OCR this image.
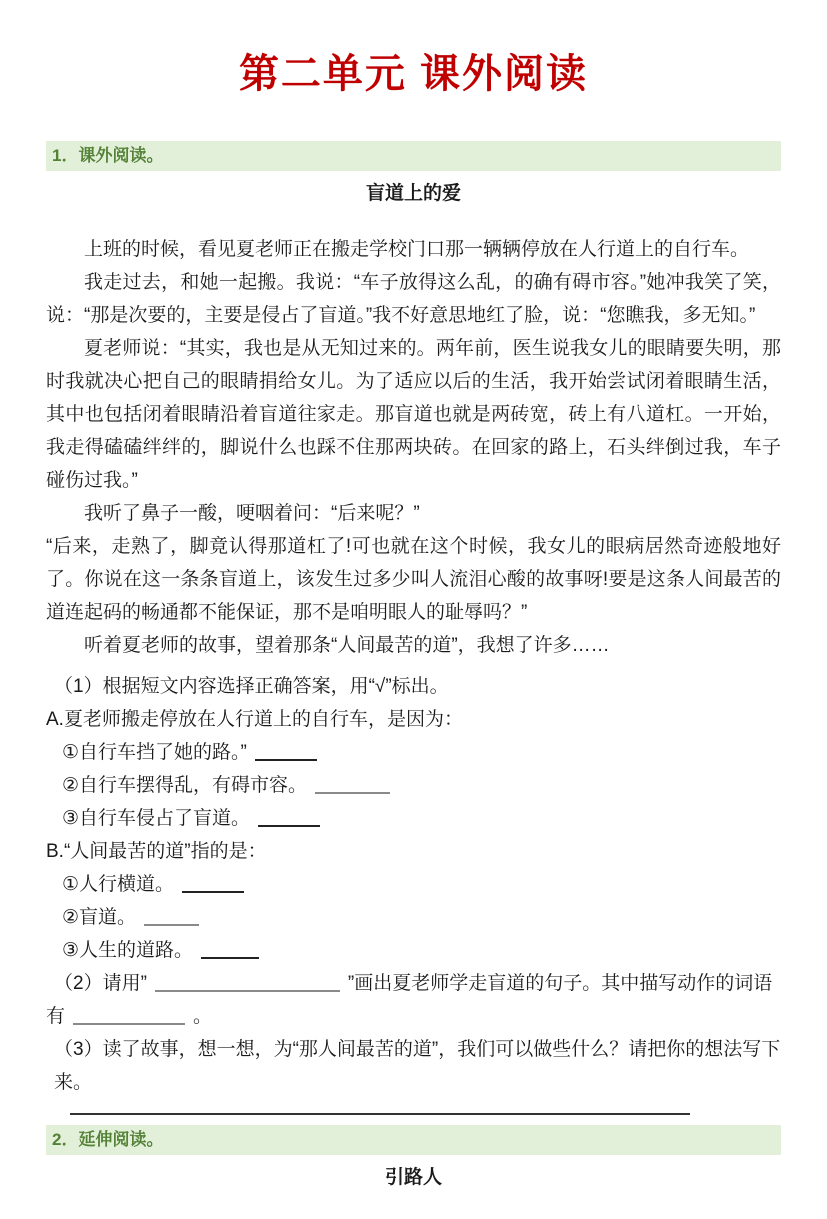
第二单元 课外阅读
1．课外阅读。
盲道上的爱

上班的时候，看见夏老师正在搬走学校门口那一辆辆停放在人行道上的自行车。

我走过去，和她一起搬。我说：“车子放得这么乱，的确有碍市容。”她冲我笑了笑，说：“那是次要的，主要是侵占了盲道。”我不好意思地红了脸，说：“您瞧我，多无知。”

夏老师说：“其实，我也是从无知过来的。两年前，医生说我女儿的眼睛要失明，那时我就决心把自己的眼睛捐给女儿。为了适应以后的生活，我开始尝试闭着眼睛生活，其中也包括闭着眼睛沿着盲道往家走。那盲道也就是两砖宽，砖上有八道杠。一开始，我走得磕磕绊绊的，脚说什么也踩不住那两块砖。在回家的路上，石头绊倒过我，车子碰伤过我。”

我听了鼻子一酸，哽咽着问：“后来呢？”

“后来，走熟了，脚竟认得那道杠了!可也就在这个时候，我女儿的眼病居然奇迹般地好了。你说在这一条条盲道上，该发生过多少叫人流泪心酸的故事呀!要是这条人间最苦的道连起码的畅通都不能保证，那不是咱明眼人的耻辱吗？”

听着夏老师的故事，望着那条“人间最苦的道”，我想了许多……

（1）根据短文内容选择正确答案，用“√”标出。
A.夏老师搬走停放在人行道上的自行车，是因为：
①自行车挡了她的路。”
②自行车摆得乱，有碍市容。
③自行车侵占了盲道。
B.“人间最苦的道”指的是：
①人行横道。
②盲道。
③人生的道路。
（2）请用”	”画出夏老师学走盲道的句子。其中描写动作的词语
有	。
（3）读了故事，想一想，为“那人间最苦的道”，我们可以做些什么？请把你的想法写下来。
2．延伸阅读。
引路人
